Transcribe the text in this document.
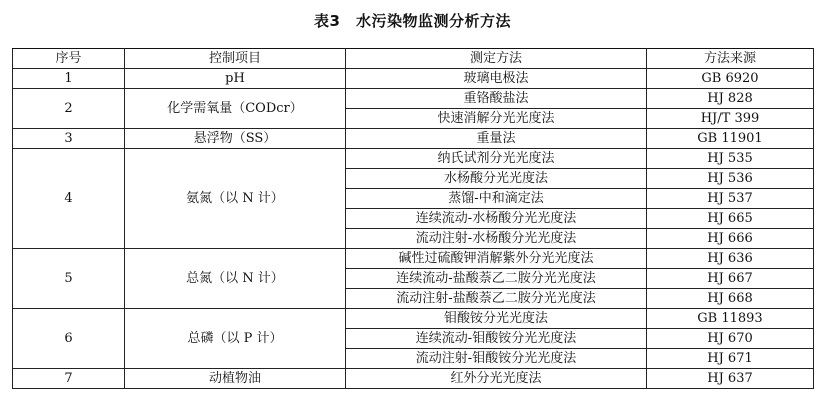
表3　水污染物监测分析方法
序号	控制项目	测定方法	方法来源
1	pH	玻璃电极法	GB 6920
2	化学需氧量（CODcr）	重铬酸盐法	HJ 828
		快速消解分光光度法	HJ/T 399
3	悬浮物（SS）	重量法	GB 11901
4	氨氮（以 N 计）	纳氏试剂分光光度法	HJ 535
		水杨酸分光光度法	HJ 536
		蒸馏-中和滴定法	HJ 537
		连续流动-水杨酸分光光度法	HJ 665
		流动注射-水杨酸分光光度法	HJ 666
5	总氮（以 N 计）	碱性过硫酸钾消解紫外分光光度法	HJ 636
		连续流动-盐酸萘乙二胺分光光度法	HJ 667
		流动注射-盐酸萘乙二胺分光光度法	HJ 668
6	总磷（以 P 计）	钼酸铵分光光度法	GB 11893
		连续流动-钼酸铵分光光度法	HJ 670
		流动注射-钼酸铵分光光度法	HJ 671
7	动植物油	红外分光光度法	HJ 637
